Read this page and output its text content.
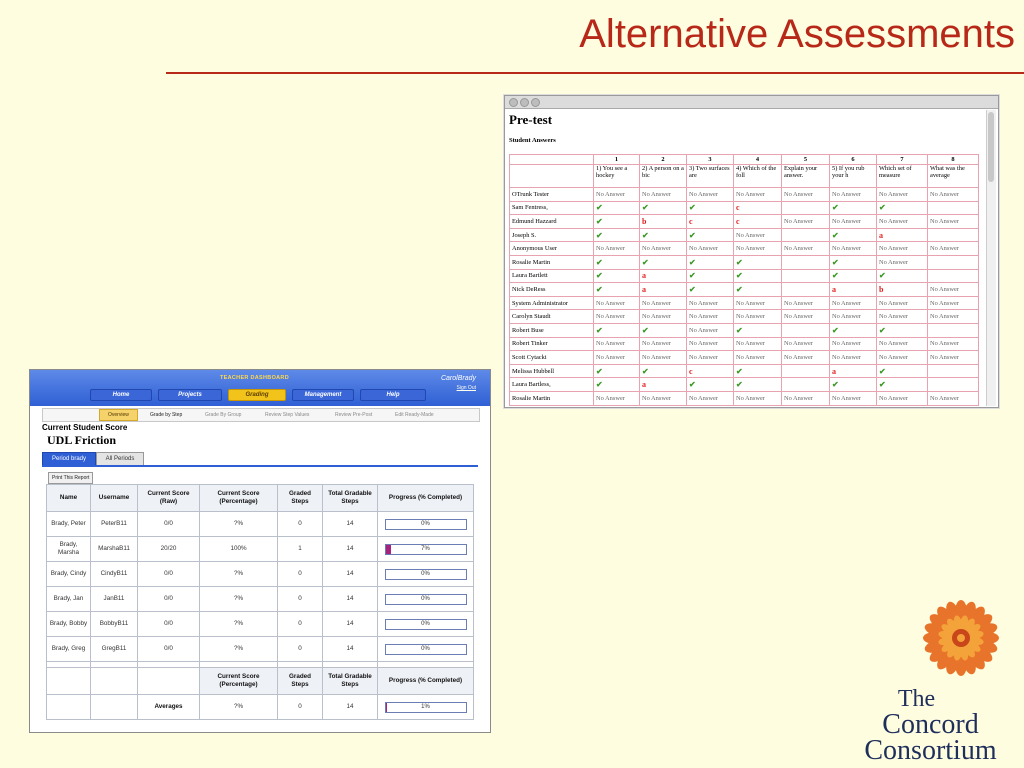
Alternative Assessments
Pre-test
Student Answers
	1	2	3	4	5	6	7	8
	1) You see a hockey	2) A person on a bic	3) Two surfaces are	4) Which of the foll	Explain your answer.	5) If you rub your h	Which set of measure	What was the average
OTrunk Tester	No Answer	No Answer	No Answer	No Answer	No Answer	No Answer	No Answer	No Answer
Sam Fentress,	✔	✔	✔	c		✔	✔	
Edmund Hazzard	✔	b	c	c	No Answer	No Answer	No Answer	No Answer
Joseph S.	✔	✔	✔	No Answer		✔	a	
Anonymous User	No Answer	No Answer	No Answer	No Answer	No Answer	No Answer	No Answer	No Answer
Rosalie Martin	✔	✔	✔	✔		✔	No Answer	
Laura Bartlett	✔	a	✔	✔		✔	✔	
Nick DeRess	✔	a	✔	✔		a	b	No Answer
System Administrator	No Answer	No Answer	No Answer	No Answer	No Answer	No Answer	No Answer	No Answer
Carolyn Staudt	No Answer	No Answer	No Answer	No Answer	No Answer	No Answer	No Answer	No Answer
Robert Buse	✔	✔	No Answer	✔		✔	✔	
Robert Tinker	No Answer	No Answer	No Answer	No Answer	No Answer	No Answer	No Answer	No Answer
Scott Cytacki	No Answer	No Answer	No Answer	No Answer	No Answer	No Answer	No Answer	No Answer
Melissa Hubbell	✔	✔	c	✔		a	✔	
Laura Bartless,	✔	a	✔	✔		✔	✔	
Rosalie Martin	No Answer	No Answer	No Answer	No Answer	No Answer	No Answer	No Answer	No Answer
TEACHER DASHBOARD	CarolBrady
Sign Out
Home	Projects	Grading	Management	Help
Overview	Grade by Step	Grade By Group	Review Step Values	Review Pre-Post	Edit Ready-Made
Current Student Score
UDL Friction
Period brady	All Periods
Print This Report
Name	Username	Current Score (Raw)	Current Score (Percentage)	Graded Steps	Total Gradable Steps	Progress (% Completed)
Brady, Peter	PeterB11	0/0	?%	0	14	0%

Brady, Marsha	MarshaB11	20/20	100%	1	14	7%

Brady, Cindy	CindyB11	0/0	?%	0	14	0%

Brady, Jan	JanB11	0/0	?%	0	14	0%

Brady, Bobby	BobbyB11	0/0	?%	0	14	0%

Brady, Greg	GregB11	0/0	?%	0	14	0%

			Current Score (Percentage)	Graded Steps	Total Gradable Steps	Progress (% Completed)
		Averages	?%	0	14	1%	The
Concord
Consortium
